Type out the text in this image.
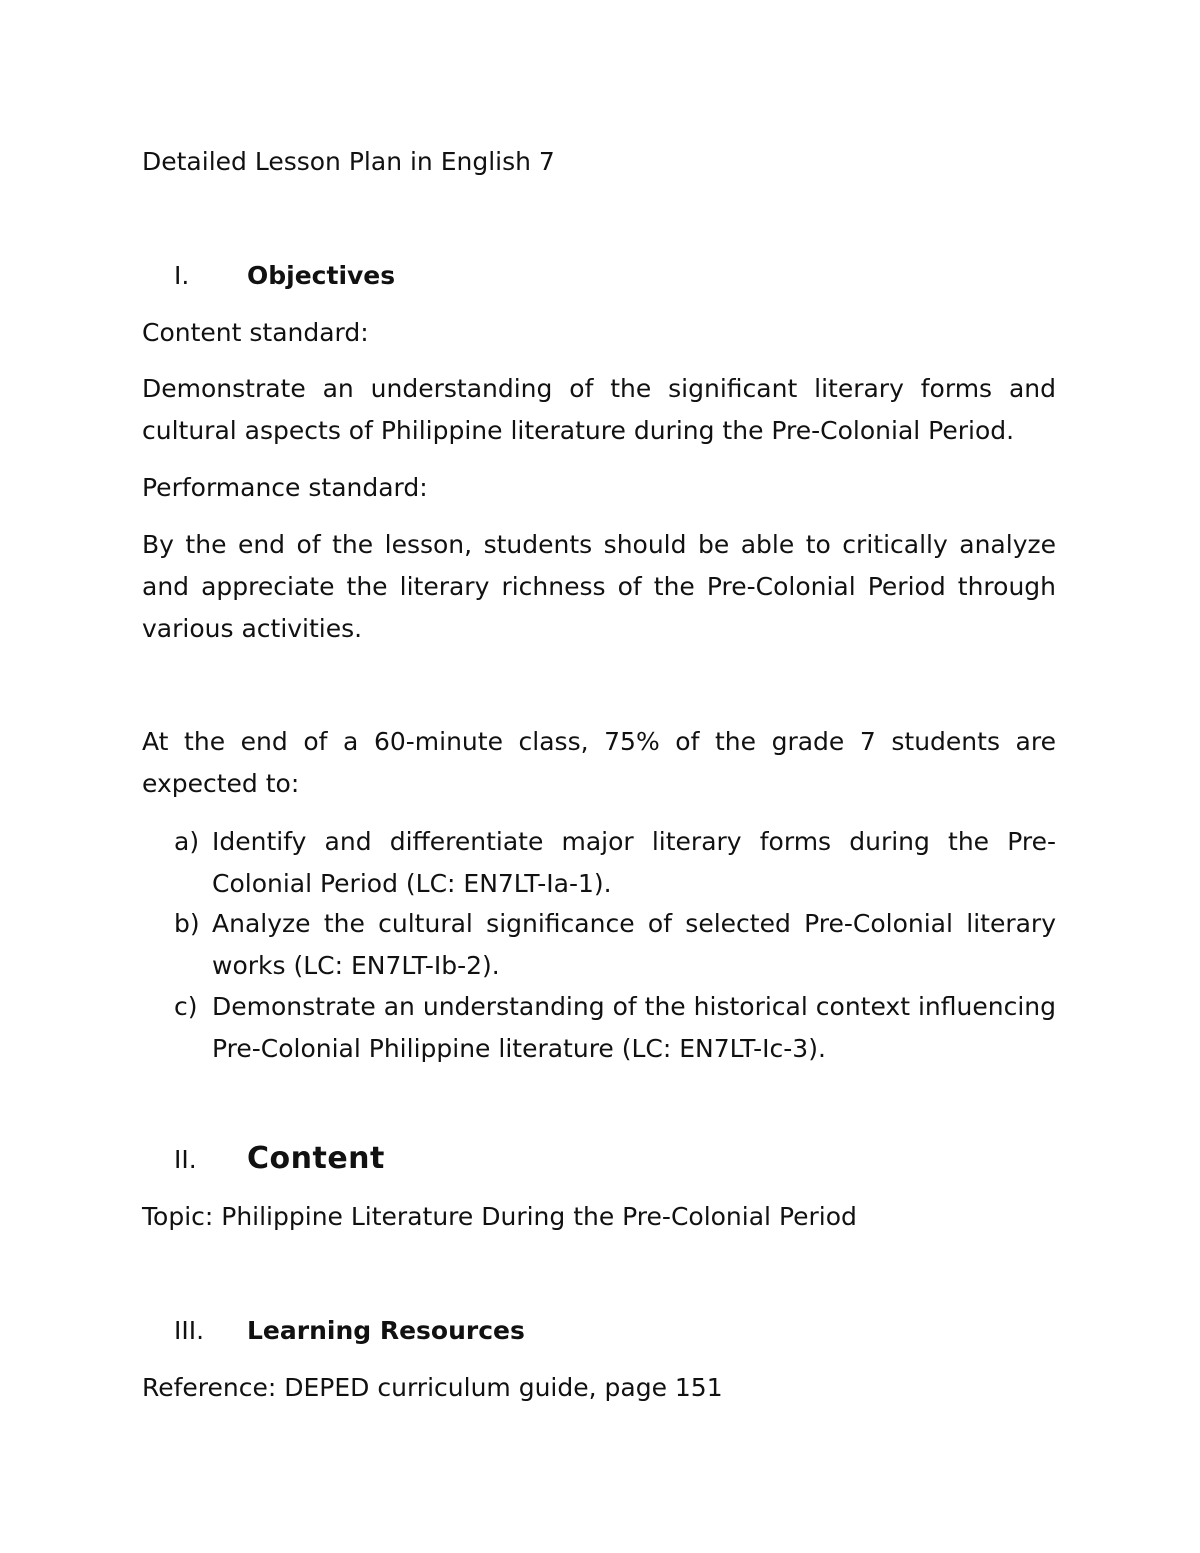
Detailed Lesson Plan in English 7
I. Objectives
Content standard:
Demonstrate an understanding of the significant literary forms and cultural aspects of Philippine literature during the Pre-Colonial Period.
Performance standard:
By the end of the lesson, students should be able to critically analyze and appreciate the literary richness of the Pre-Colonial Period through various activities.
At the end of a 60-minute class, 75% of the grade 7 students are expected to:
a) Identify and differentiate major literary forms during the Pre-Colonial Period (LC: EN7LT-Ia-1).
b) Analyze the cultural significance of selected Pre-Colonial literary works (LC: EN7LT-Ib-2).
c) Demonstrate an understanding of the historical context influencing Pre-Colonial Philippine literature (LC: EN7LT-Ic-3).
II. Content
Topic: Philippine Literature During the Pre-Colonial Period
III. Learning Resources
Reference: DEPED curriculum guide, page 151
